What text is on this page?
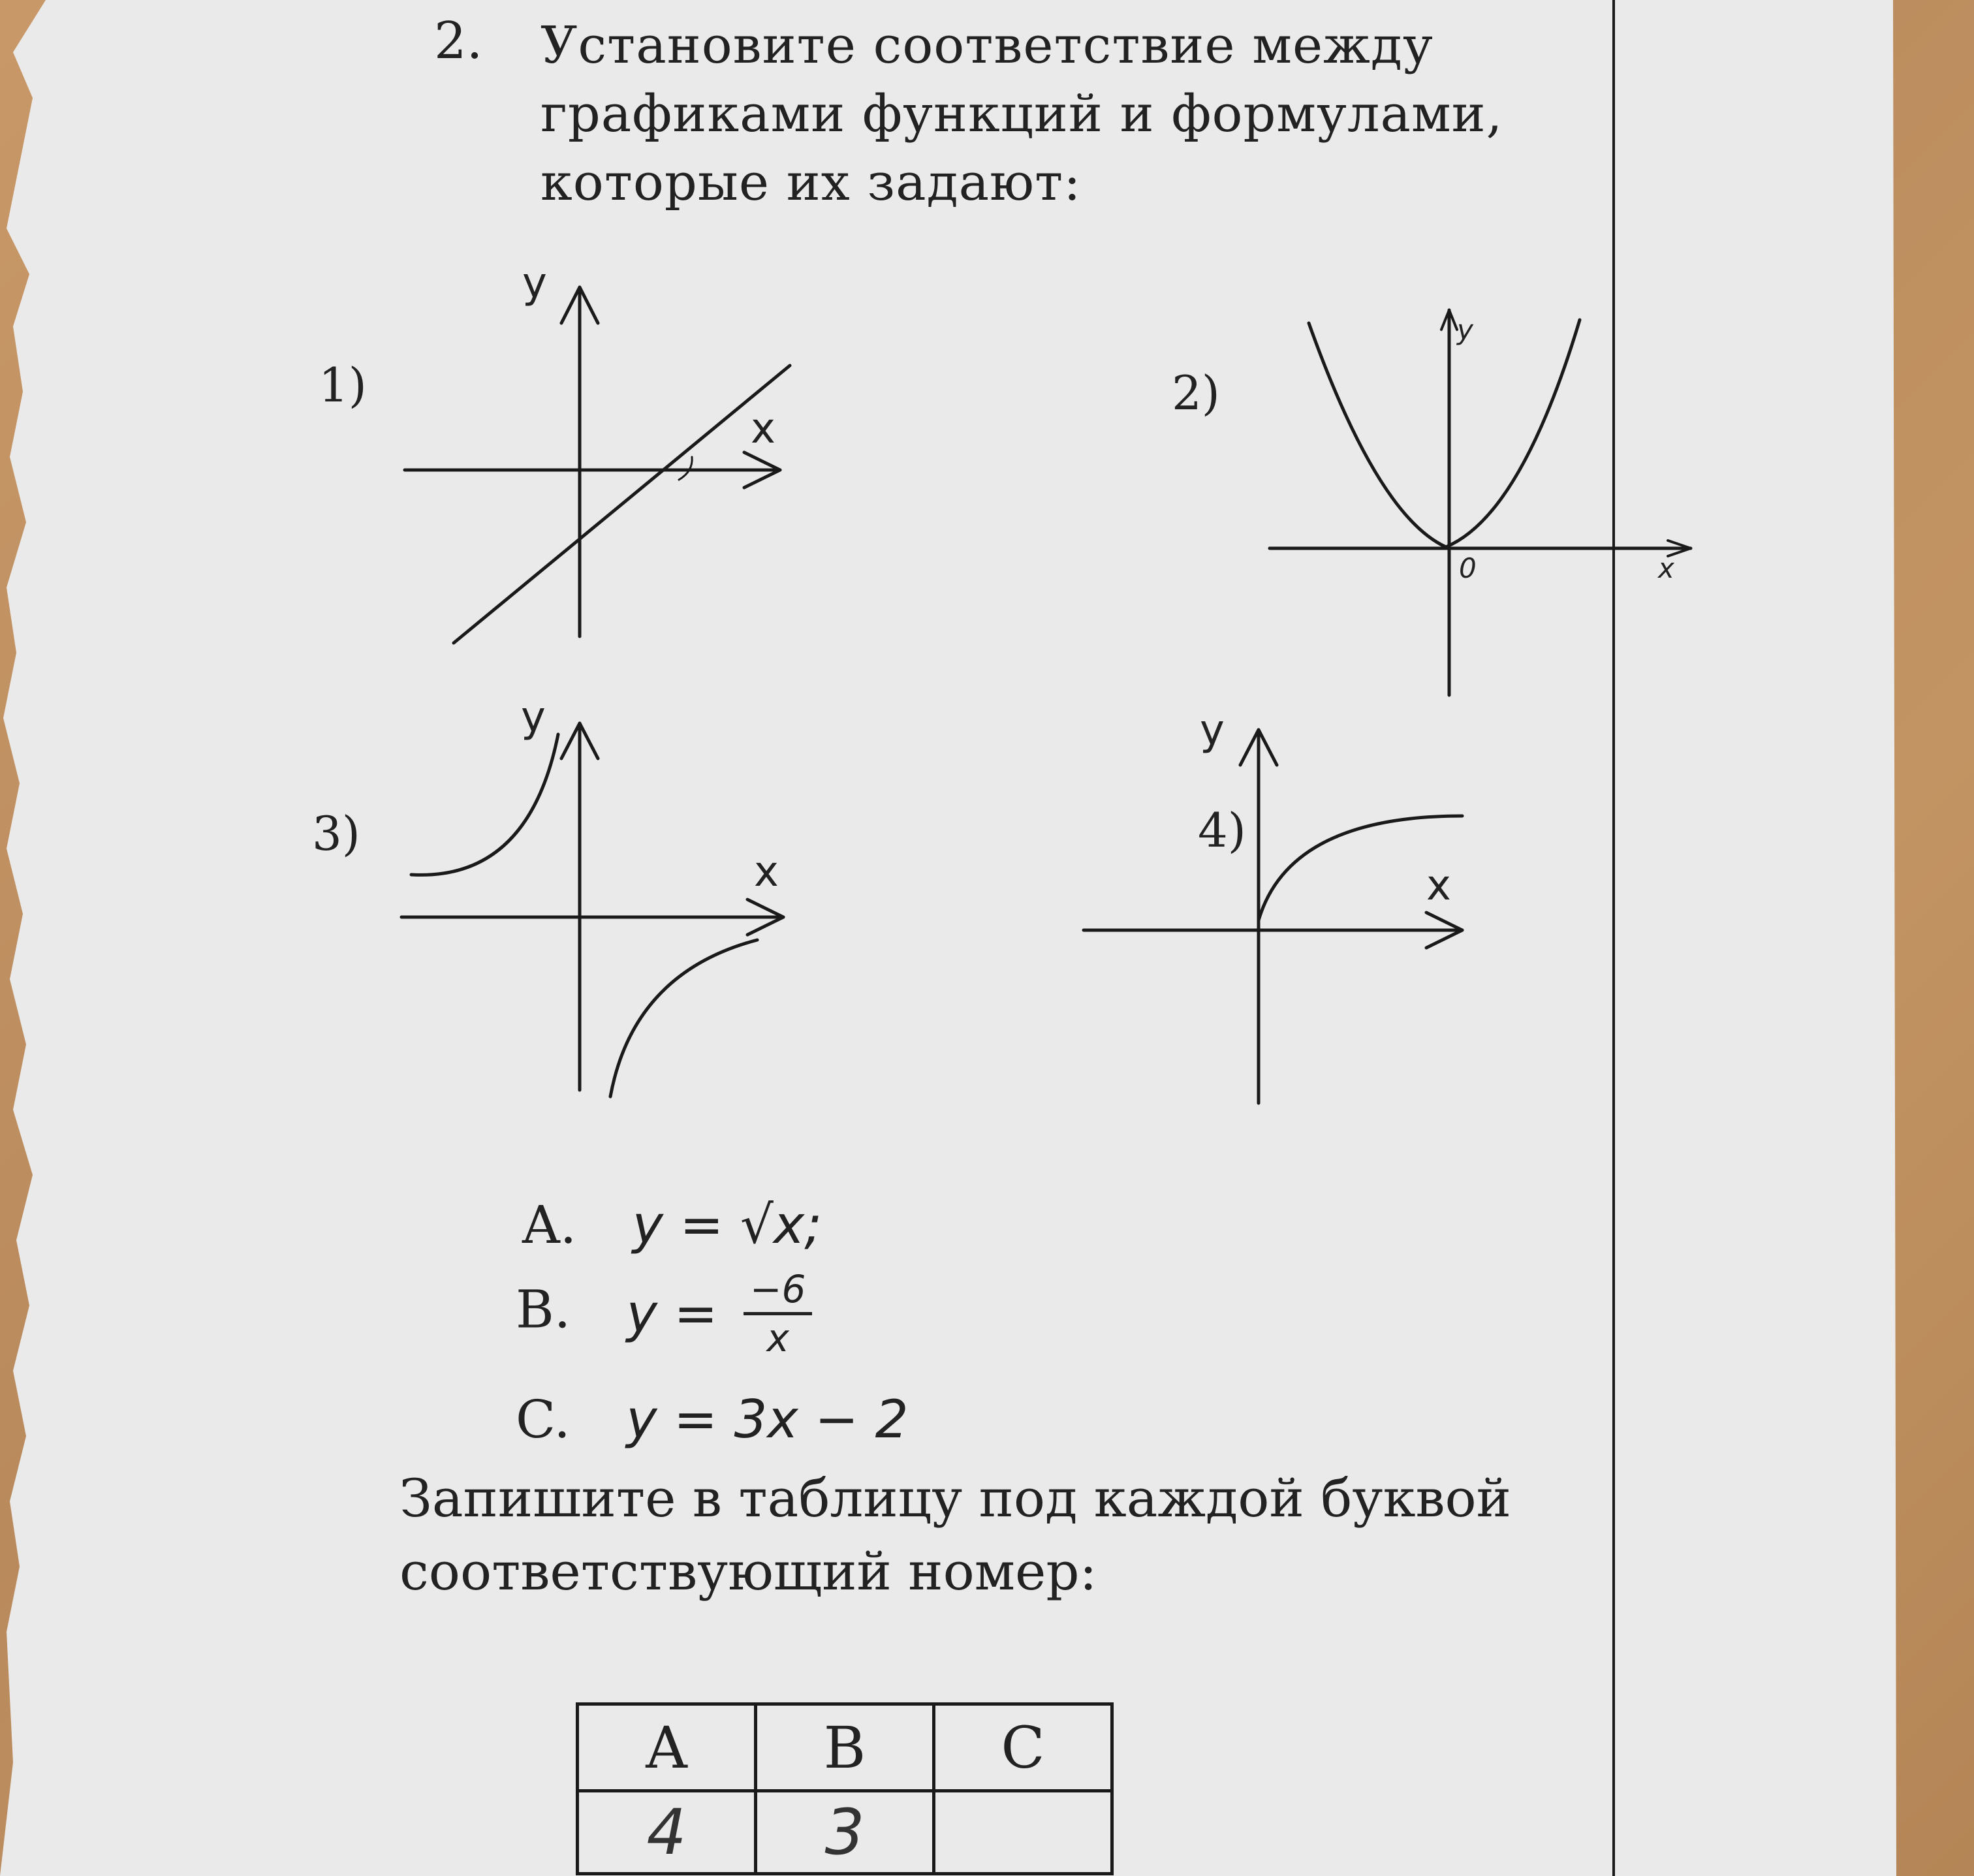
2. Установите соответствие между
графиками функций и формулами,
которые их задают:
1)
x
y
2)
x
y
0
3)
x
y
4)
x
y
A. y = √x;
B. $y = \frac{-6}{x}$
C. y = 3x − 2
Запишите в таблицу под каждой буквой
соответствующий номер:
A	B	C
4	3	
